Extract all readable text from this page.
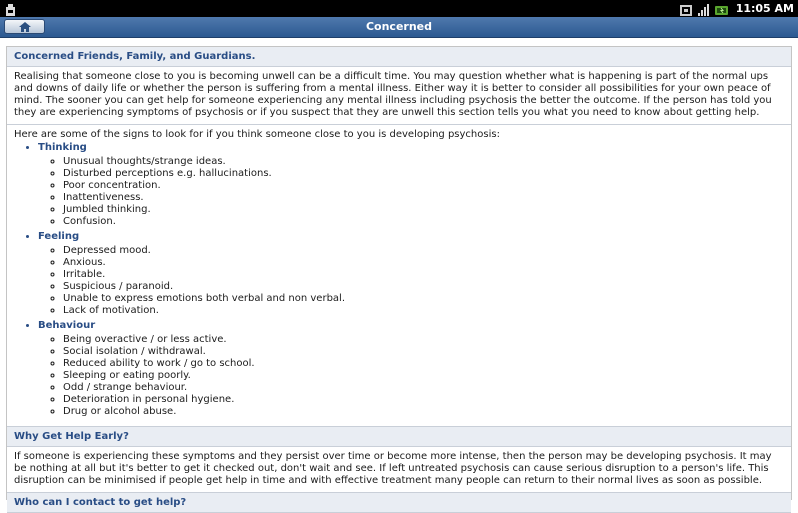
11:05 AM
Concerned
Concerned Friends, Family, and Guardians.
Realising that someone close to you is becoming unwell can be a difficult time. You may question whether what is happening is part of the normal ups and downs of daily life or whether the person is suffering from a mental illness. Either way it is better to consider all possibilities for your own peace of mind. The sooner you can get help for someone experiencing any mental illness including psychosis the better the outcome. If the person has told you they are experiencing symptoms of psychosis or if you suspect that they are unwell this section tells you what you need to know about getting help.
Here are some of the signs to look for if you think someone close to you is developing psychosis:
• Thinking
◦ Unusual thoughts/strange ideas.
◦ Disturbed perceptions e.g. hallucinations.
◦ Poor concentration.
◦ Inattentiveness.
◦ Jumbled thinking.
◦ Confusion.
• Feeling
◦ Depressed mood.
◦ Anxious.
◦ Irritable.
◦ Suspicious / paranoid.
◦ Unable to express emotions both verbal and non verbal.
◦ Lack of motivation.
• Behaviour
◦ Being overactive / or less active.
◦ Social isolation / withdrawal.
◦ Reduced ability to work / go to school.
◦ Sleeping or eating poorly.
◦ Odd / strange behaviour.
◦ Deterioration in personal hygiene.
◦ Drug or alcohol abuse.
Why Get Help Early?
If someone is experiencing these symptoms and they persist over time or become more intense, then the person may be developing psychosis. It may be nothing at all but it's better to get it checked out, don't wait and see. If left untreated psychosis can cause serious disruption to a person's life. This disruption can be minimised if people get help in time and with effective treatment many people can return to their normal lives as soon as possible.
Who can I contact to get help?
